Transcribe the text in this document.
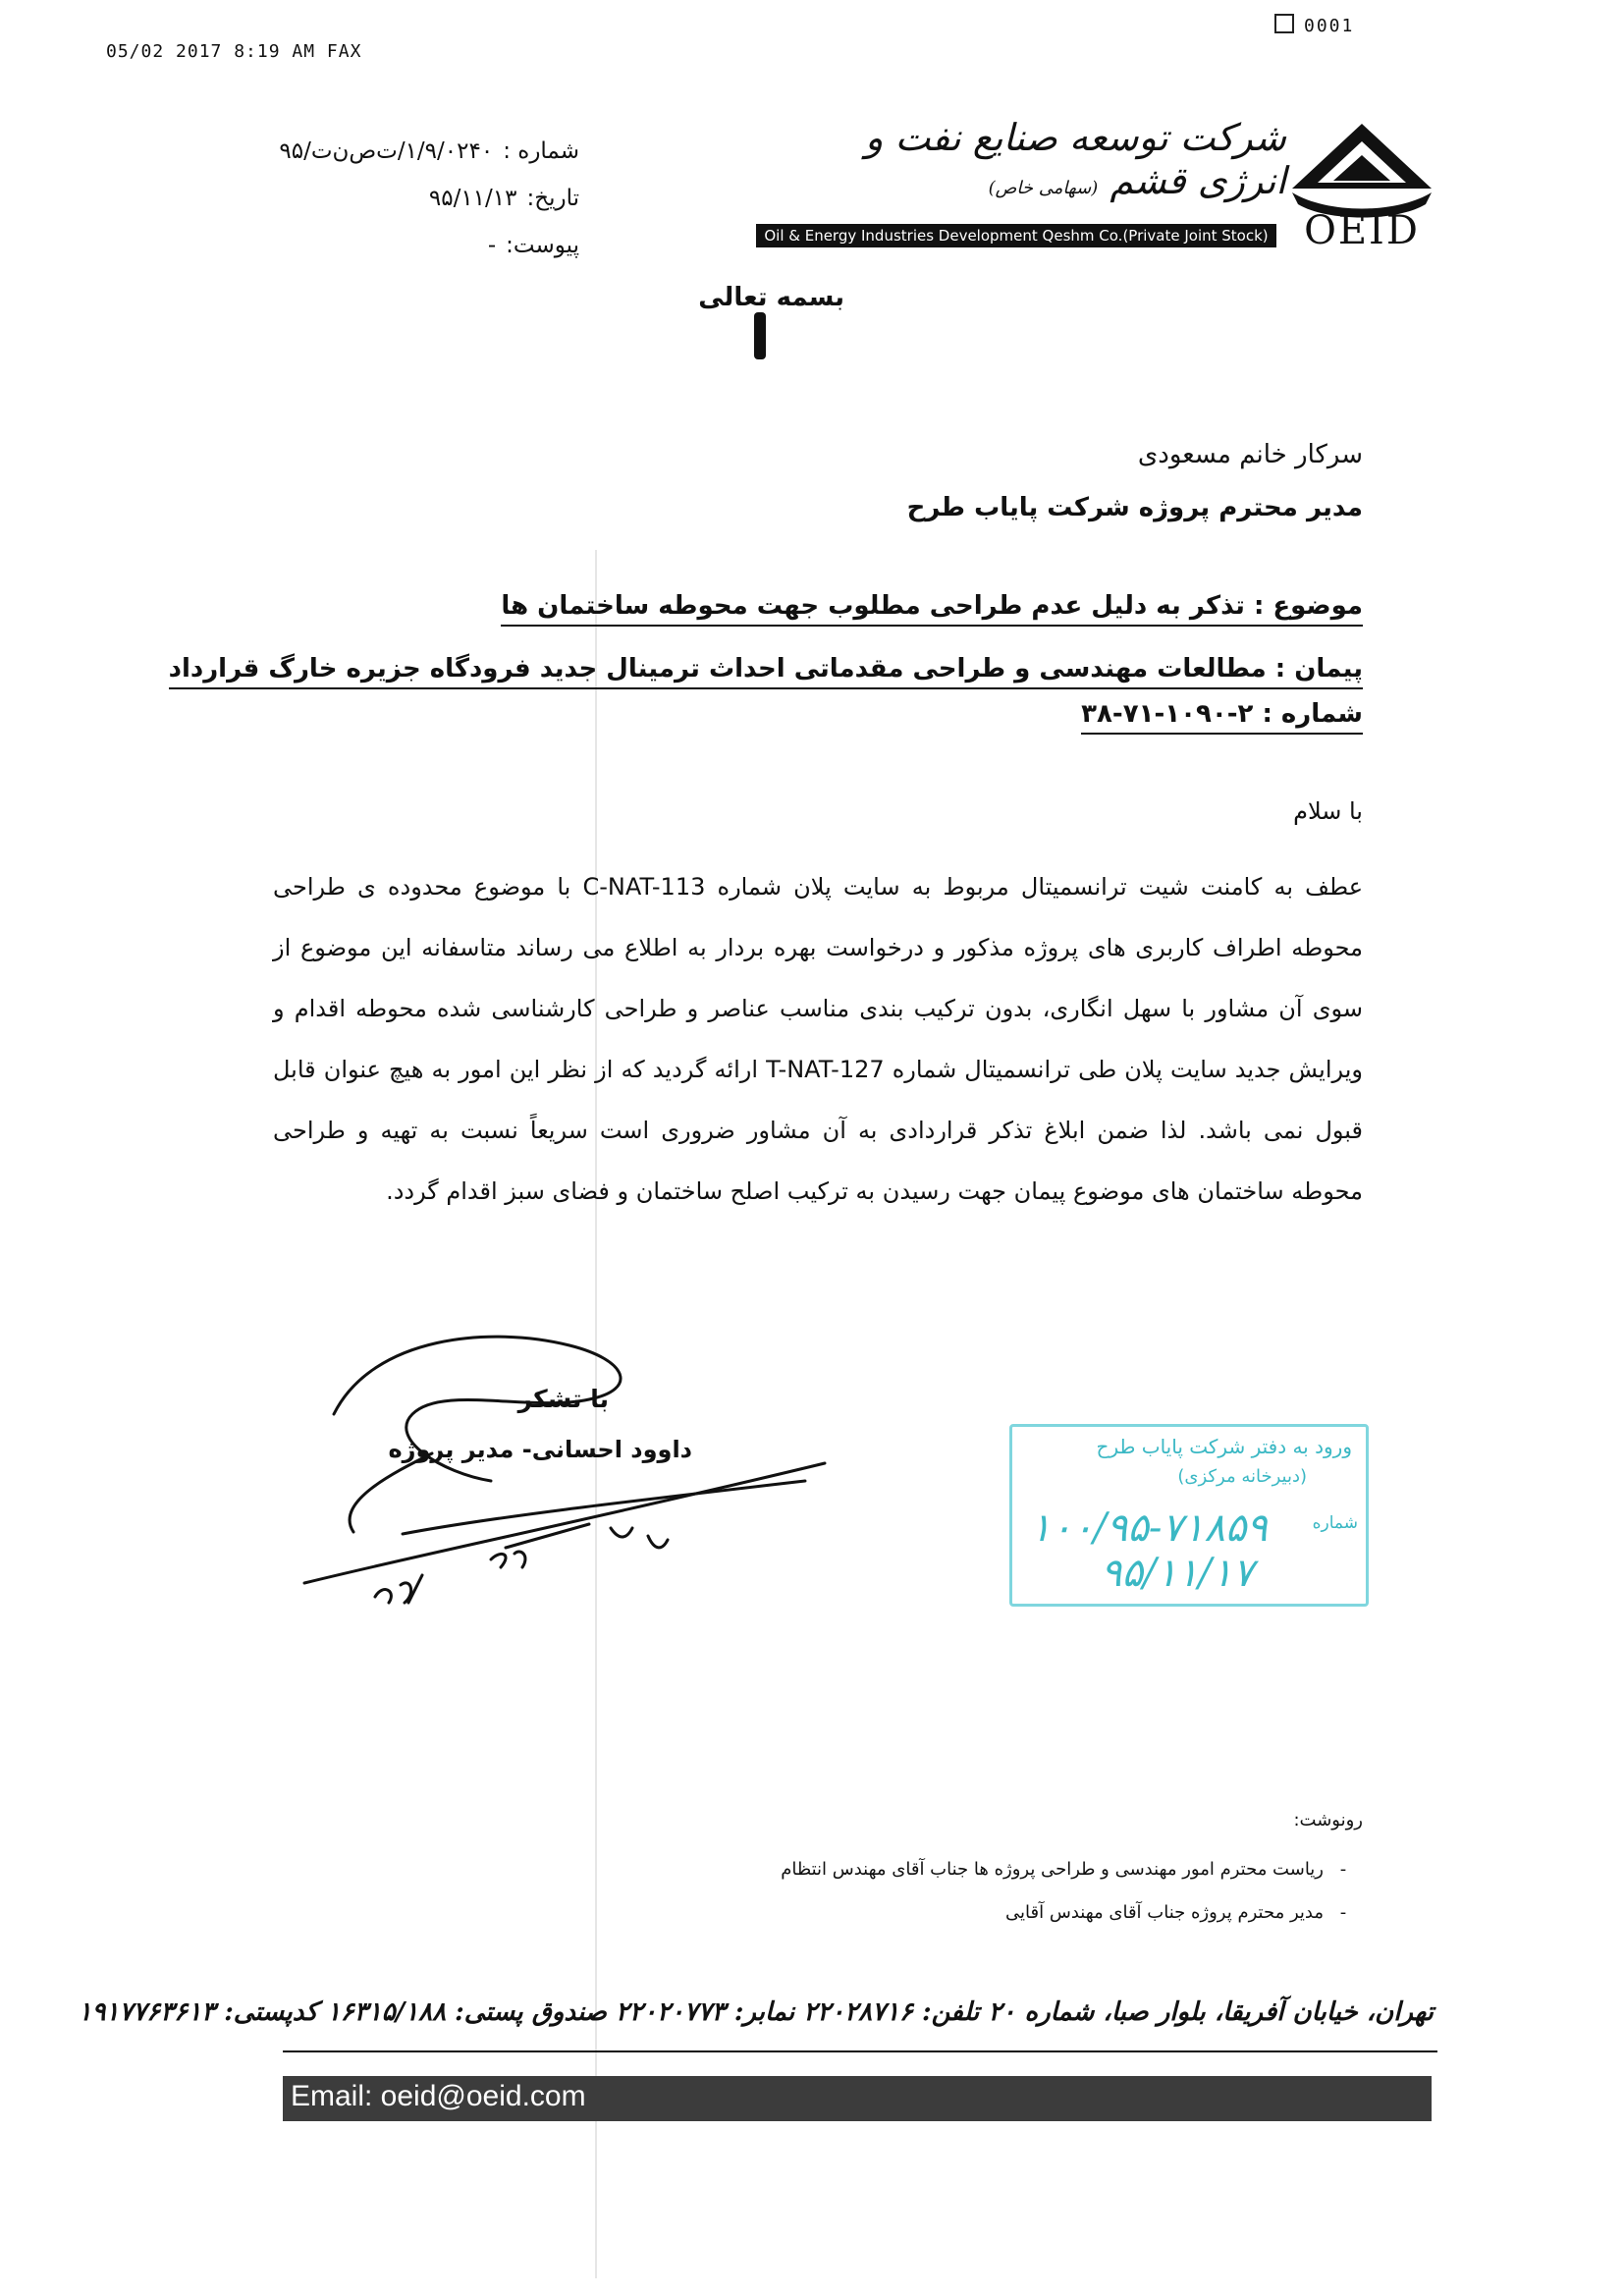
05/02 2017 8:19 AM FAX
0001
شماره :۱/۹/۰۲۴۰/ت‌ص‌ن‌ت/۹۵
تاریخ:۹۵/۱۱/۱۳
پیوست:-
شرکت توسعه صنایع نفت و انرژی قشم (سهامی خاص)
Oil & Energy Industries Development Qeshm Co.(Private Joint Stock) OEID
بسمه تعالی
سرکار خانم مسعودی
مدیر محترم پروژه شرکت پایاب طرح
موضوع : تذکر به دلیل عدم طراحی مطلوب جهت محوطه ساختمان ها
پیمان : مطالعات مهندسی و طراحی مقدماتی احداث ترمینال جدید فرودگاه جزیره خارگ قرارداد
شماره : ۲-۱۰۹۰-۷۱-۳۸
با سلام
عطف به کامنت شیت ترانسمیتال مربوط به سایت پلان شماره C-NAT-113 با موضوع محدوده ی طراحی محوطه اطراف کاربری های پروژه مذکور و درخواست بهره بردار به اطلاع می رساند متاسفانه این موضوع از سوی آن مشاور با سهل انگاری، بدون ترکیب بندی مناسب عناصر و طراحی کارشناسی شده محوطه اقدام و ویرایش جدید سایت پلان طی ترانسمیتال شماره T-NAT-127 ارائه گردید که از نظر این امور به هیچ عنوان قابل قبول نمی باشد. لذا ضمن ابلاغ تذکر قراردادی به آن مشاور ضروری است سریعاً نسبت به تهیه و طراحی محوطه ساختمان های موضوع پیمان جهت رسیدن به ترکیب اصلح ساختمان و فضای سبز اقدام گردد.
با تشکر
داوود احسانی- مدیر پروژه	ورود به دفتر شرکت پایاب طرح
(دبیرخانه مرکزی)
شماره
۱۰۰/۹۵-۷۱۸۵۹
۹۵/۱۱/۱۷
رونوشت:
-ریاست محترم امور مهندسی و طراحی پروژه ها جناب آقای مهندس انتظام
-مدیر محترم پروژه جناب آقای مهندس آقایی
تهران، خیابان آفریقا، بلوار صبا، شماره ۲۰ تلفن: ۲۲۰۲۸۷۱۶ نمابر: ۲۲۰۲۰۷۷۳ صندوق پستی: ۱۶۳۱۵/۱۸۸ کدپستی: ۱۹۱۷۷۶۳۶۱۳
Email: oeid@oeid.com
